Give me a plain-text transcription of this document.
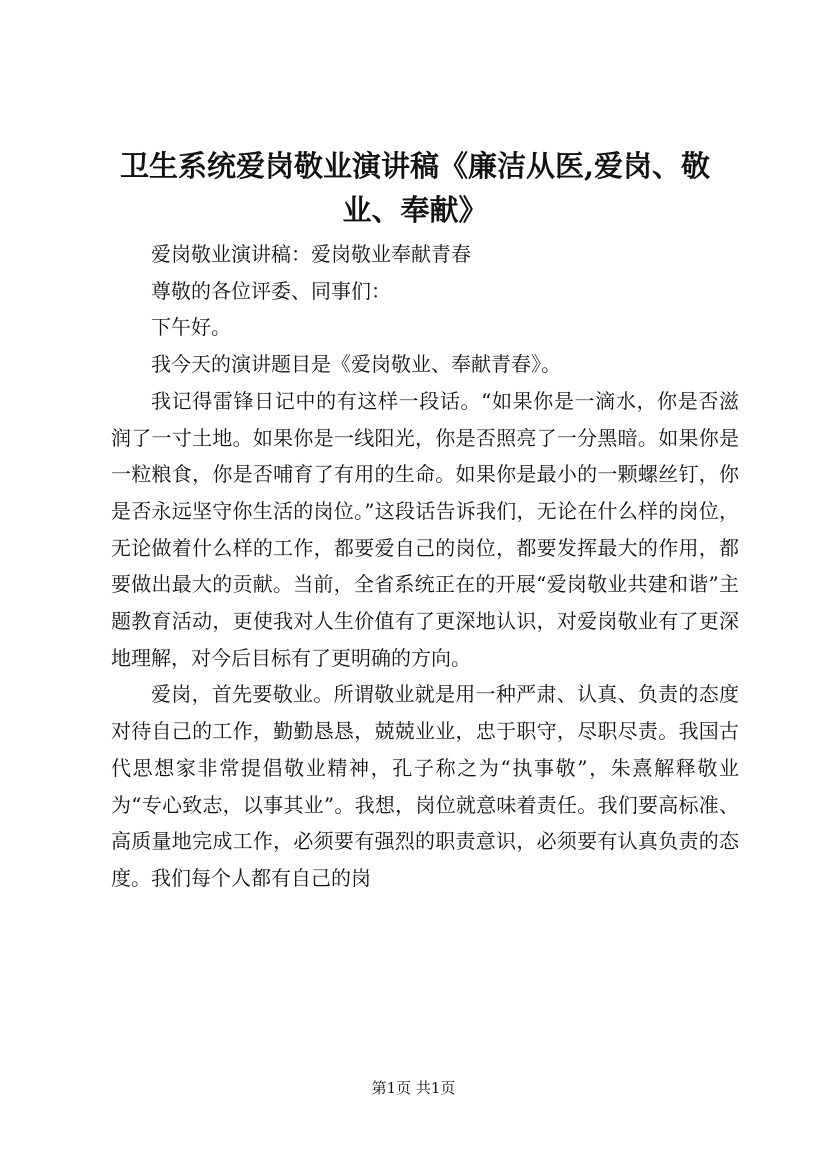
卫生系统爱岗敬业演讲稿《廉洁从医,爱岗、敬业、奉献》

爱岗敬业演讲稿：爱岗敬业奉献青春

尊敬的各位评委、同事们：

下午好。

我今天的演讲题目是《爱岗敬业、奉献青春》。

我记得雷锋日记中的有这样一段话。“如果你是一滴水，你是否滋润了一寸土地。如果你是一线阳光，你是否照亮了一分黑暗。如果你是一粒粮食，你是否哺育了有用的生命。如果你是最小的一颗螺丝钉，你是否永远坚守你生活的岗位。”这段话告诉我们，无论在什么样的岗位，无论做着什么样的工作，都要爱自己的岗位，都要发挥最大的作用，都要做出最大的贡献。当前，全省系统正在的开展“爱岗敬业共建和谐”主题教育活动，更使我对人生价值有了更深地认识，对爱岗敬业有了更深地理解，对今后目标有了更明确的方向。

爱岗，首先要敬业。所谓敬业就是用一种严肃、认真、负责的态度对待自己的工作，勤勤恳恳，兢兢业业，忠于职守，尽职尽责。我国古代思想家非常提倡敬业精神，孔子称之为“执事敬”，朱熹解释敬业为“专心致志，以事其业”。我想，岗位就意味着责任。我们要高标准、高质量地完成工作，必须要有强烈的职责意识，必须要有认真负责的态度。我们每个人都有自己的岗

第1页 共1页
